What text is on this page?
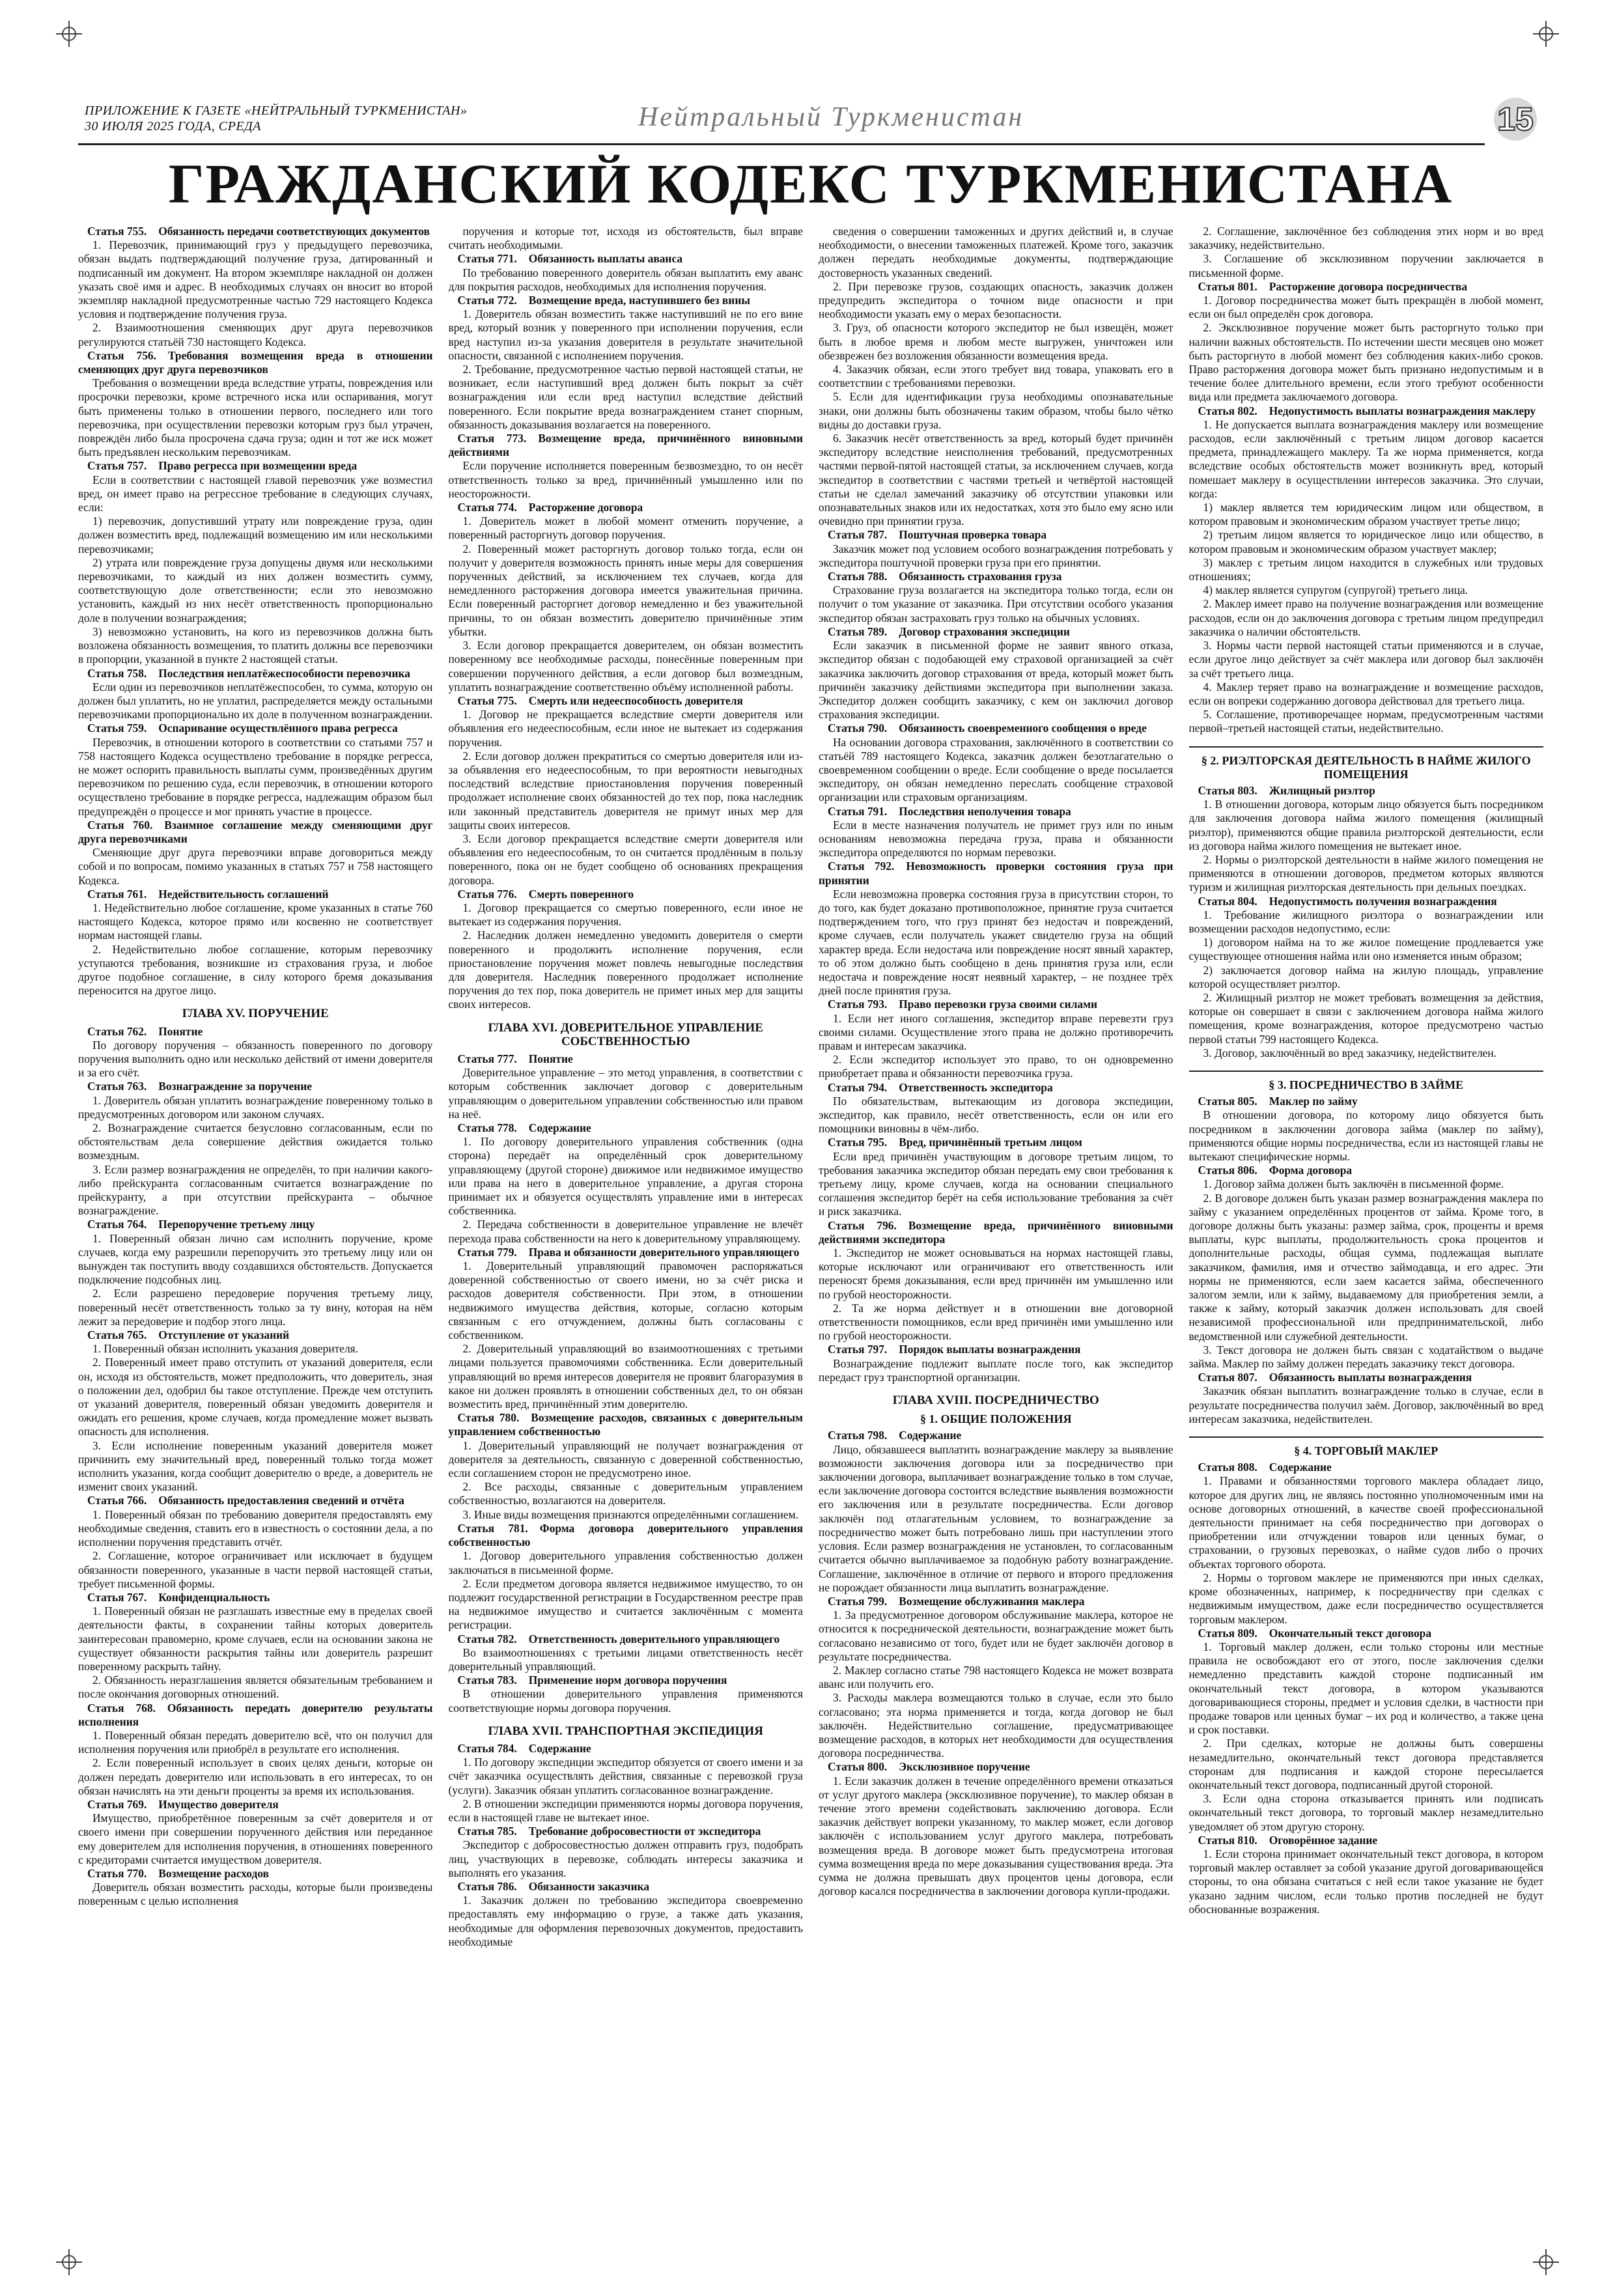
ПРИЛОЖЕНИЕ К ГАЗЕТЕ «НЕЙТРАЛЬНЫЙ ТУРКМЕНИСТАН»
30 ИЮЛЯ 2025 ГОДА, СРЕДА	Нейтральный Туркменистан	15
ГРАЖДАНСКИЙ КОДЕКС ТУРКМЕНИСТАНА

Статья 755. Обязанность передачи соответствующих документов

1. Перевозчик, принимающий груз у предыдущего перевозчика, обязан выдать подтверждающий получение груза, датированный и подписанный им документ. На втором экземпляре накладной он должен указать своё имя и адрес. В необходимых случаях он вносит во второй экземпляр накладной предусмотренные частью 729 настоящего Кодекса условия и подтверждение получения груза.

2. Взаимоотношения сменяющих друг друга перевозчиков регулируются статьёй 730 настоящего Кодекса.

Статья 756. Требования возмещения вреда в отношении сменяющих друг друга перевозчиков

Требования о возмещении вреда вследствие утраты, повреждения или просрочки перевозки, кроме встречного иска или оспаривания, могут быть применены только в отношении первого, последнего или того перевозчика, при осуществлении перевозки которым груз был утрачен, повреждён либо была просрочена сдача груза; один и тот же иск может быть предъявлен нескольким перевозчикам.

Статья 757. Право регресса при возмещении вреда

Если в соответствии с настоящей главой перевозчик уже возместил вред, он имеет право на регрессное требование в следующих случаях, если:

1) перевозчик, допустивший утрату или повреждение груза, один должен возместить вред, подлежащий возмещению им или несколькими перевозчиками;

2) утрата или повреждение груза допущены двумя или несколькими перевозчиками, то каждый из них должен возместить сумму, соответствующую доле ответственности; если это невозможно установить, каждый из них несёт ответственность пропорционально доле в получении вознаграждения;

3) невозможно установить, на кого из перевозчиков должна быть возложена обязанность возмещения, то платить должны все перевозчики в пропорции, указанной в пункте 2 настоящей статьи.

Статья 758. Последствия неплатёжеспособности перевозчика

Если один из перевозчиков неплатёжеспособен, то сумма, которую он должен был уплатить, но не уплатил, распределяется между остальными перевозчиками пропорционально их доле в полученном вознаграждении.

Статья 759. Оспаривание осуществлённого права регресса

Перевозчик, в отношении которого в соответствии со статьями 757 и 758 настоящего Кодекса осуществлено требование в порядке регресса, не может оспорить правильность выплаты сумм, произведённых другим перевозчиком по решению суда, если перевозчик, в отношении которого осуществлено требование в порядке регресса, надлежащим образом был предупреждён о процессе и мог принять участие в процессе.

Статья 760. Взаимное соглашение между сменяющими друг друга перевозчиками

Сменяющие друг друга перевозчики вправе договориться между собой и по вопросам, помимо указанных в статьях 757 и 758 настоящего Кодекса.

Статья 761. Недействительность соглашений

1. Недействительно любое соглашение, кроме указанных в статье 760 настоящего Кодекса, которое прямо или косвенно не соответствует нормам настоящей главы.

2. Недействительно любое соглашение, которым перевозчику уступаются требования, возникшие из страхования груза, и любое другое подобное соглашение, в силу которого бремя доказывания переносится на другое лицо.

ГЛАВА XV. ПОРУЧЕНИЕ

Статья 762. Понятие

По договору поручения – обязанность поверенного по договору поручения выполнить одно или несколько действий от имени доверителя и за его счёт.

Статья 763. Вознаграждение за поручение

1. Доверитель обязан уплатить вознаграждение поверенному только в предусмотренных договором или законом случаях.

2. Вознаграждение считается безусловно согласованным, если по обстоятельствам дела совершение действия ожидается только возмездным.

3. Если размер вознаграждения не определён, то при наличии какого-либо прейскуранта согласованным считается вознаграждение по прейскуранту, а при отсутствии прейскуранта – обычное вознаграждение.

Статья 764. Перепоручение третьему лицу

1. Поверенный обязан лично сам исполнить поручение, кроме случаев, когда ему разрешили перепоручить это третьему лицу или он вынужден так поступить вводу создавшихся обстоятельств. Допускается подключение подсобных лиц.

2. Если разрешено передоверие поручения третьему лицу, поверенный несёт ответственность только за ту вину, которая на нём лежит за передоверие и подбор этого лица.

Статья 765. Отступление от указаний

1. Поверенный обязан исполнить указания доверителя.

2. Поверенный имеет право отступить от указаний доверителя, если он, исходя из обстоятельств, может предположить, что доверитель, зная о положении дел, одобрил бы такое отступление. Прежде чем отступить от указаний доверителя, поверенный обязан уведомить доверителя и ожидать его решения, кроме случаев, когда промедление может вызвать опасность для исполнения.

3. Если исполнение поверенным указаний доверителя может причинить ему значительный вред, поверенный только тогда может исполнить указания, когда сообщит доверителю о вреде, а доверитель не изменит своих указаний.

Статья 766. Обязанность предоставления сведений и отчёта

1. Поверенный обязан по требованию доверителя предоставлять ему необходимые сведения, ставить его в известность о состоянии дела, а по исполнении поручения представить отчёт.

2. Соглашение, которое ограничивает или исключает в будущем обязанности поверенного, указанные в части первой настоящей статьи, требует письменной формы.

Статья 767. Конфиденциальность

1. Поверенный обязан не разглашать известные ему в пределах своей деятельности факты, в сохранении тайны которых доверитель заинтересован правомерно, кроме случаев, если на основании закона не существует обязанности раскрытия тайны или доверитель разрешит поверенному раскрыть тайну.

2. Обязанность неразглашения является обязательным требованием и после окончания договорных отношений.

Статья 768. Обязанность передать доверителю результаты исполнения

1. Поверенный обязан передать доверителю всё, что он получил для исполнения поручения или приобрёл в результате его исполнения.

2. Если поверенный использует в своих целях деньги, которые он должен передать доверителю или использовать в его интересах, то он обязан начислять на эти деньги проценты за время их использования.

Статья 769. Имущество доверителя

Имущество, приобретённое поверенным за счёт доверителя и от своего имени при совершении порученного действия или переданное ему доверителем для исполнения поручения, в отношениях поверенного с кредиторами считается имуществом доверителя.

Статья 770. Возмещение расходов

Доверитель обязан возместить расходы, которые были произведены поверенным с целью исполнения

поручения и которые тот, исходя из обстоятельств, был вправе считать необходимыми.

Статья 771. Обязанность выплаты аванса

По требованию поверенного доверитель обязан выплатить ему аванс для покрытия расходов, необходимых для исполнения поручения.

Статья 772. Возмещение вреда, наступившего без вины

1. Доверитель обязан возместить также наступивший не по его вине вред, который возник у поверенного при исполнении поручения, если вред наступил из-за указания доверителя в результате значительной опасности, связанной с исполнением поручения.

2. Требование, предусмотренное частью первой настоящей статьи, не возникает, если наступивший вред должен быть покрыт за счёт вознаграждения или если вред наступил вследствие действий поверенного. Если покрытие вреда вознаграждением станет спорным, обязанность доказывания возлагается на поверенного.

Статья 773. Возмещение вреда, причинённого виновными действиями

Если поручение исполняется поверенным безвозмездно, то он несёт ответственность только за вред, причинённый умышленно или по неосторожности.

Статья 774. Расторжение договора

1. Доверитель может в любой момент отменить поручение, а поверенный расторгнуть договор поручения.

2. Поверенный может расторгнуть договор только тогда, если он получит у доверителя возможность принять иные меры для совершения порученных действий, за исключением тех случаев, когда для немедленного расторжения договора имеется уважительная причина. Если поверенный расторгнет договор немедленно и без уважительной причины, то он обязан возместить доверителю причинённые этим убытки.

3. Если договор прекращается доверителем, он обязан возместить поверенному все необходимые расходы, понесённые поверенным при совершении порученного действия, а если договор был возмездным, уплатить вознаграждение соответственно объёму исполненной работы.

Статья 775. Смерть или недееспособность доверителя

1. Договор не прекращается вследствие смерти доверителя или объявления его недееспособным, если иное не вытекает из содержания поручения.

2. Если договор должен прекратиться со смертью доверителя или из-за объявления его недееспособным, то при вероятности невыгодных последствий вследствие приостановления поручения поверенный продолжает исполнение своих обязанностей до тех пор, пока наследник или законный представитель доверителя не примут иных мер для защиты своих интересов.

3. Если договор прекращается вследствие смерти доверителя или объявления его недееспособным, то он считается продлённым в пользу поверенного, пока он не будет сообщено об основаниях прекращения договора.

Статья 776. Смерть поверенного

1. Договор прекращается со смертью поверенного, если иное не вытекает из содержания поручения.

2. Наследник должен немедленно уведомить доверителя о смерти поверенного и продолжить исполнение поручения, если приостановление поручения может повлечь невыгодные последствия для доверителя. Наследник поверенного продолжает исполнение поручения до тех пор, пока доверитель не примет иных мер для защиты своих интересов.

ГЛАВА XVI. ДОВЕРИТЕЛЬНОЕ УПРАВЛЕНИЕ СОБСТВЕННОСТЬЮ

Статья 777. Понятие

Доверительное управление – это метод управления, в соответствии с которым собственник заключает договор с доверительным управляющим о доверительном управлении собственностью или правом на неё.

Статья 778. Содержание

1. По договору доверительного управления собственник (одна сторона) передаёт на определённый срок доверительному управляющему (другой стороне) движимое или недвижимое имущество или права на него в доверительное управление, а другая сторона принимает их и обязуется осуществлять управление ими в интересах собственника.

2. Передача собственности в доверительное управление не влечёт перехода права собственности на него к доверительному управляющему.

Статья 779. Права и обязанности доверительного управляющего

1. Доверительный управляющий правомочен распоряжаться доверенной собственностью от своего имени, но за счёт риска и расходов доверителя собственности. При этом, в отношении недвижимого имущества действия, которые, согласно которым связанным с его отчуждением, должны быть согласованы с собственником.

2. Доверительный управляющий во взаимоотношениях с третьими лицами пользуется правомочиями собственника. Если доверительный управляющий во время интересов доверителя не проявит благоразумия в какое ни должен проявлять в отношении собственных дел, то он обязан возместить вред, причинённый этим доверителю.

Статья 780. Возмещение расходов, связанных с доверительным управлением собственностью

1. Доверительный управляющий не получает вознаграждения от доверителя за деятельность, связанную с доверенной собственностью, если соглашением сторон не предусмотрено иное.

2. Все расходы, связанные с доверительным управлением собственностью, возлагаются на доверителя.

3. Иные виды возмещения признаются определёнными соглашением.

Статья 781. Форма договора доверительного управления собственностью

1. Договор доверительного управления собственностью должен заключаться в письменной форме.

2. Если предметом договора является недвижимое имущество, то он подлежит государственной регистрации в Государственном реестре прав на недвижимое имущество и считается заключённым с момента регистрации.

Статья 782. Ответственность доверительного управляющего

Во взаимоотношениях с третьими лицами ответственность несёт доверительный управляющий.

Статья 783. Применение норм договора поручения

В отношении доверительного управления применяются соответствующие нормы договора поручения.

ГЛАВА XVII. ТРАНСПОРТНАЯ ЭКСПЕДИЦИЯ

Статья 784. Содержание

1. По договору экспедиции экспедитор обязуется от своего имени и за счёт заказчика осуществлять действия, связанные с перевозкой груза (услуги). Заказчик обязан уплатить согласованное вознаграждение.

2. В отношении экспедиции применяются нормы договора поручения, если в настоящей главе не вытекает иное.

Статья 785. Требование добросовестности от экспедитора

Экспедитор с добросовестностью должен отправить груз, подобрать лиц, участвующих в перевозке, соблюдать интересы заказчика и выполнять его указания.

Статья 786. Обязанности заказчика

1. Заказчик должен по требованию экспедитора своевременно предоставлять ему информацию о грузе, а также дать указания, необходимые для оформления перевозочных документов, предоставить необходимые

сведения о совершении таможенных и других действий и, в случае необходимости, о внесении таможенных платежей. Кроме того, заказчик должен передать необходимые документы, подтверждающие достоверность указанных сведений.

2. При перевозке грузов, создающих опасность, заказчик должен предупредить экспедитора о точном виде опасности и при необходимости указать ему о мерах безопасности.

3. Груз, об опасности которого экспедитор не был извещён, может быть в любое время и любом месте выгружен, уничтожен или обезврежен без возложения обязанности возмещения вреда.

4. Заказчик обязан, если этого требует вид товара, упаковать его в соответствии с требованиями перевозки.

5. Если для идентификации груза необходимы опознавательные знаки, они должны быть обозначены таким образом, чтобы было чётко видны до доставки груза.

6. Заказчик несёт ответственность за вред, который будет причинён экспедитору вследствие неисполнения требований, предусмотренных частями первой-пятой настоящей статьи, за исключением случаев, когда экспедитор в соответствии с частями третьей и четвёртой настоящей статьи не сделал замечаний заказчику об отсутствии упаковки или опознавательных знаков или их недостатках, хотя это было ему ясно или очевидно при принятии груза.

Статья 787. Поштучная проверка товара

Заказчик может под условием особого вознаграждения потребовать у экспедитора поштучной проверки груза при его принятии.

Статья 788. Обязанность страхования груза

Страхование груза возлагается на экспедитора только тогда, если он получит о том указание от заказчика. При отсутствии особого указания экспедитор обязан застраховать груз только на обычных условиях.

Статья 789. Договор страхования экспедиции

Если заказчик в письменной форме не заявит явного отказа, экспедитор обязан с подобающей ему страховой организацией за счёт заказчика заключить договор страхования от вреда, который может быть причинён заказчику действиями экспедитора при выполнении заказа. Экспедитор должен сообщить заказчику, с кем он заключил договор страхования экспедиции.

Статья 790. Обязанность своевременного сообщения о вреде

На основании договора страхования, заключённого в соответствии со статьёй 789 настоящего Кодекса, заказчик должен безотлагательно о своевременном сообщении о вреде. Если сообщение о вреде посылается экспедитору, он обязан немедленно переслать сообщение страховой организации или страховым организациям.

Статья 791. Последствия неполучения товара

Если в месте назначения получатель не примет груз или по иным основаниям невозможна передача груза, права и обязанности экспедитора определяются по нормам перевозки.

Статья 792. Невозможность проверки состояния груза при принятии

Если невозможна проверка состояния груза в присутствии сторон, то до того, как будет доказано противоположное, принятие груза считается подтверждением того, что груз принят без недостач и повреждений, кроме случаев, если получатель укажет свидетелю груза на общий характер вреда. Если недостача или повреждение носят явный характер, то об этом должно быть сообщено в день принятия груза или, если недостача и повреждение носят неявный характер, – не позднее трёх дней после принятия груза.

Статья 793. Право перевозки груза своими силами

1. Если нет иного соглашения, экспедитор вправе перевезти груз своими силами. Осуществление этого права не должно противоречить правам и интересам заказчика.

2. Если экспедитор использует это право, то он одновременно приобретает права и обязанности перевозчика груза.

Статья 794. Ответственность экспедитора

По обязательствам, вытекающим из договора экспедиции, экспедитор, как правило, несёт ответственность, если он или его помощники виновны в чём-либо.

Статья 795. Вред, причинённый третьим лицом

Если вред причинён участвующим в договоре третьим лицом, то требования заказчика экспедитор обязан передать ему свои требования к третьему лицу, кроме случаев, когда на основании специального соглашения экспедитор берёт на себя использование требования за счёт и риск заказчика.

Статья 796. Возмещение вреда, причинённого виновными действиями экспедитора

1. Экспедитор не может основываться на нормах настоящей главы, которые исключают или ограничивают его ответственность или переносят бремя доказывания, если вред причинён им умышленно или по грубой неосторожности.

2. Та же норма действует и в отношении вне договорной ответственности помощников, если вред причинён ими умышленно или по грубой неосторожности.

Статья 797. Порядок выплаты вознаграждения

Вознаграждение подлежит выплате после того, как экспедитор передаст груз транспортной организации.

ГЛАВА XVIII. ПОСРЕДНИЧЕСТВО

§ 1. ОБЩИЕ ПОЛОЖЕНИЯ

Статья 798. Содержание

Лицо, обязавшееся выплатить вознаграждение маклеру за выявление возможности заключения договора или за посредничество при заключении договора, выплачивает вознаграждение только в том случае, если заключение договора состоится вследствие выявления возможности его заключения или в результате посредничества. Если договор заключён под отлагательным условием, то вознаграждение за посредничество может быть потребовано лишь при наступлении этого условия. Если размер вознаграждения не установлен, то согласованным считается обычно выплачиваемое за подобную работу вознаграждение. Соглашение, заключённое в отличие от первого и второго предложения не порождает обязанности лица выплатить вознаграждение.

Статья 799. Возмещение обслуживания маклера

1. За предусмотренное договором обслуживание маклера, которое не относится к посреднической деятельности, вознаграждение может быть согласовано независимо от того, будет или не будет заключён договор в результате посредничества.

2. Маклер согласно статье 798 настоящего Кодекса не может возврата аванс или получить его.

3. Расходы маклера возмещаются только в случае, если это было согласовано; эта норма применяется и тогда, когда договор не был заключён. Недействительно соглашение, предусматривающее возмещение расходов, в которых нет необходимости для осуществления договора посредничества.

Статья 800. Эксклюзивное поручение

1. Если заказчик должен в течение определённого времени отказаться от услуг другого маклера (эксклюзивное поручение), то маклер обязан в течение этого времени содействовать заключению договора. Если заказчик действует вопреки указанному, то маклер может, если договор заключён с использованием услуг другого маклера, потребовать возмещения вреда. В договоре может быть предусмотрена итоговая сумма возмещения вреда по мере доказывания существования вреда. Эта сумма не должна превышать двух процентов цены договора, если договор касался посредничества в заключении договора купли-продажи.

2. Соглашение, заключённое без соблюдения этих норм и во вред заказчику, недействительно.

3. Соглашение об эксклюзивном поручении заключается в письменной форме.

Статья 801. Расторжение договора посредничества

1. Договор посредничества может быть прекращён в любой момент, если он был определён срок договора.

2. Эксклюзивное поручение может быть расторгнуто только при наличии важных обстоятельств. По истечении шести месяцев оно может быть расторгнуто в любой момент без соблюдения каких-либо сроков. Право расторжения договора может быть признано недопустимым и в течение более длительного времени, если этого требуют особенности вида или предмета заключаемого договора.

Статья 802. Недопустимость выплаты вознаграждения маклеру

1. Не допускается выплата вознаграждения маклеру или возмещение расходов, если заключённый с третьим лицом договор касается предмета, принадлежащего маклеру. Та же норма применяется, когда вследствие особых обстоятельств может возникнуть вред, который помешает маклеру в осуществлении интересов заказчика. Это случаи, когда:

1) маклер является тем юридическим лицом или обществом, в котором правовым и экономическим образом участвует третье лицо;

2) третьим лицом является то юридическое лицо или общество, в котором правовым и экономическим образом участвует маклер;

3) маклер с третьим лицом находится в служебных или трудовых отношениях;

4) маклер является супругом (супругой) третьего лица.

2. Маклер имеет право на получение вознаграждения или возмещение расходов, если он до заключения договора с третьим лицом предупредил заказчика о наличии обстоятельств.

3. Нормы части первой настоящей статьи применяются и в случае, если другое лицо действует за счёт маклера или договор был заключён за счёт третьего лица.

4. Маклер теряет право на вознаграждение и возмещение расходов, если он вопреки содержанию договора действовал для третьего лица.

5. Соглашение, противоречащее нормам, предусмотренным частями первой–третьей настоящей статьи, недействительно.

§ 2. РИЭЛТОРСКАЯ ДЕЯТЕЛЬНОСТЬ В НАЙМЕ ЖИЛОГО ПОМЕЩЕНИЯ

Статья 803. Жилищный риэлтор

1. В отношении договора, которым лицо обязуется быть посредником для заключения договора найма жилого помещения (жилищный риэлтор), применяются общие правила риэлторской деятельности, если из договора найма жилого помещения не вытекает иное.

2. Нормы о риэлторской деятельности в найме жилого помещения не применяются в отношении договоров, предметом которых являются туризм и жилищная риэлторская деятельность при дельных поездках.

Статья 804. Недопустимость получения вознаграждения

1. Требование жилищного риэлтора о вознаграждении или возмещении расходов недопустимо, если:

1) договором найма на то же жилое помещение продлевается уже существующее отношения найма или оно изменяется иным образом;

2) заключается договор найма на жилую площадь, управление которой осуществляет риэлтор.

2. Жилищный риэлтор не может требовать возмещения за действия, которые он совершает в связи с заключением договора найма жилого помещения, кроме вознаграждения, которое предусмотрено частью первой статьи 799 настоящего Кодекса.

3. Договор, заключённый во вред заказчику, недействителен.

§ 3. ПОСРЕДНИЧЕСТВО В ЗАЙМЕ

Статья 805. Маклер по займу

В отношении договора, по которому лицо обязуется быть посредником в заключении договора займа (маклер по займу), применяются общие нормы посредничества, если из настоящей главы не вытекают специфические нормы.

Статья 806. Форма договора

1. Договор займа должен быть заключён в письменной форме.

2. В договоре должен быть указан размер вознаграждения маклера по займу с указанием определённых процентов от займа. Кроме того, в договоре должны быть указаны: размер займа, срок, проценты и время выплаты, курс выплаты, продолжительность срока процентов и дополнительные расходы, общая сумма, подлежащая выплате заказчиком, фамилия, имя и отчество займодавца, и его адрес. Эти нормы не применяются, если заем касается займа, обеспеченного залогом земли, или к займу, выдаваемому для приобретения земли, а также к займу, который заказчик должен использовать для своей независимой профессиональной или предпринимательской, либо ведомственной или служебной деятельности.

3. Текст договора не должен быть связан с ходатайством о выдаче займа. Маклер по займу должен передать заказчику текст договора.

Статья 807. Обязанность выплаты вознаграждения

Заказчик обязан выплатить вознаграждение только в случае, если в результате посредничества получил заём. Договор, заключённый во вред интересам заказчика, недействителен.

§ 4. ТОРГОВЫЙ МАКЛЕР

Статья 808. Содержание

1. Правами и обязанностями торгового маклера обладает лицо, которое для других лиц, не являясь постоянно уполномоченным ими на основе договорных отношений, в качестве своей профессиональной деятельности принимает на себя посредничество при договорах о приобретении или отчуждении товаров или ценных бумаг, о страховании, о грузовых перевозках, о найме судов либо о прочих объектах торгового оборота.

2. Нормы о торговом маклере не применяются при иных сделках, кроме обозначенных, например, к посредничеству при сделках с недвижимым имуществом, даже если посредничество осуществляется торговым маклером.

Статья 809. Окончательный текст договора

1. Торговый маклер должен, если только стороны или местные правила не освобождают его от этого, после заключения сделки немедленно представить каждой стороне подписанный им окончательный текст договора, в котором указываются договаривающиеся стороны, предмет и условия сделки, в частности при продаже товаров или ценных бумаг – их род и количество, а также цена и срок поставки.

2. При сделках, которые не должны быть совершены незамедлительно, окончательный текст договора представляется сторонам для подписания и каждой стороне пересылается окончательный текст договора, подписанный другой стороной.

3. Если одна сторона отказывается принять или подписать окончательный текст договора, то торговый маклер незамедлительно уведомляет об этом другую сторону.

Статья 810. Оговорённое задание

1. Если сторона принимает окончательный текст договора, в котором торговый маклер оставляет за собой указание другой договаривающейся стороны, то она обязана считаться с ней если такое указание не будет указано задним числом, если только против последней не будут обоснованные возражения.
